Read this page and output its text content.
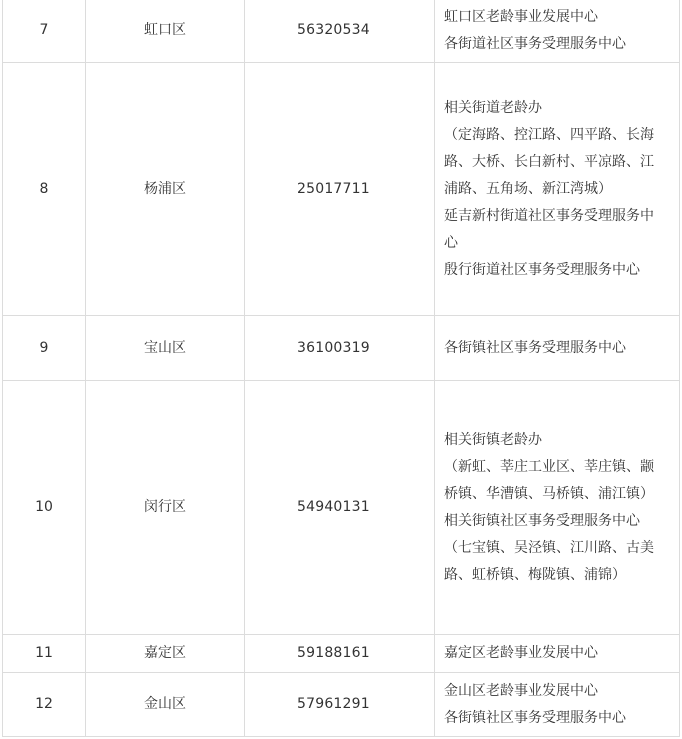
7	虹口区	56320534	虹口区老龄事业发展中心
各街道社区事务受理服务中心

8	杨浦区	25017711	相关街道老龄办
（定海路、控江路、四平路、长海路、大桥、长白新村、平凉路、江浦路、五角场、新江湾城）
延吉新村街道社区事务受理服务中心
殷行街道社区事务受理服务中心

9	宝山区	36100319	各街镇社区事务受理服务中心

10	闵行区	54940131	相关街镇老龄办
（新虹、莘庄工业区、莘庄镇、颛桥镇、华漕镇、马桥镇、浦江镇）
相关街镇社区事务受理服务中心
（七宝镇、吴泾镇、江川路、古美路、虹桥镇、梅陇镇、浦锦）

11	嘉定区	59188161	嘉定区老龄事业发展中心

12	金山区	57961291	金山区老龄事业发展中心
各街镇社区事务受理服务中心
